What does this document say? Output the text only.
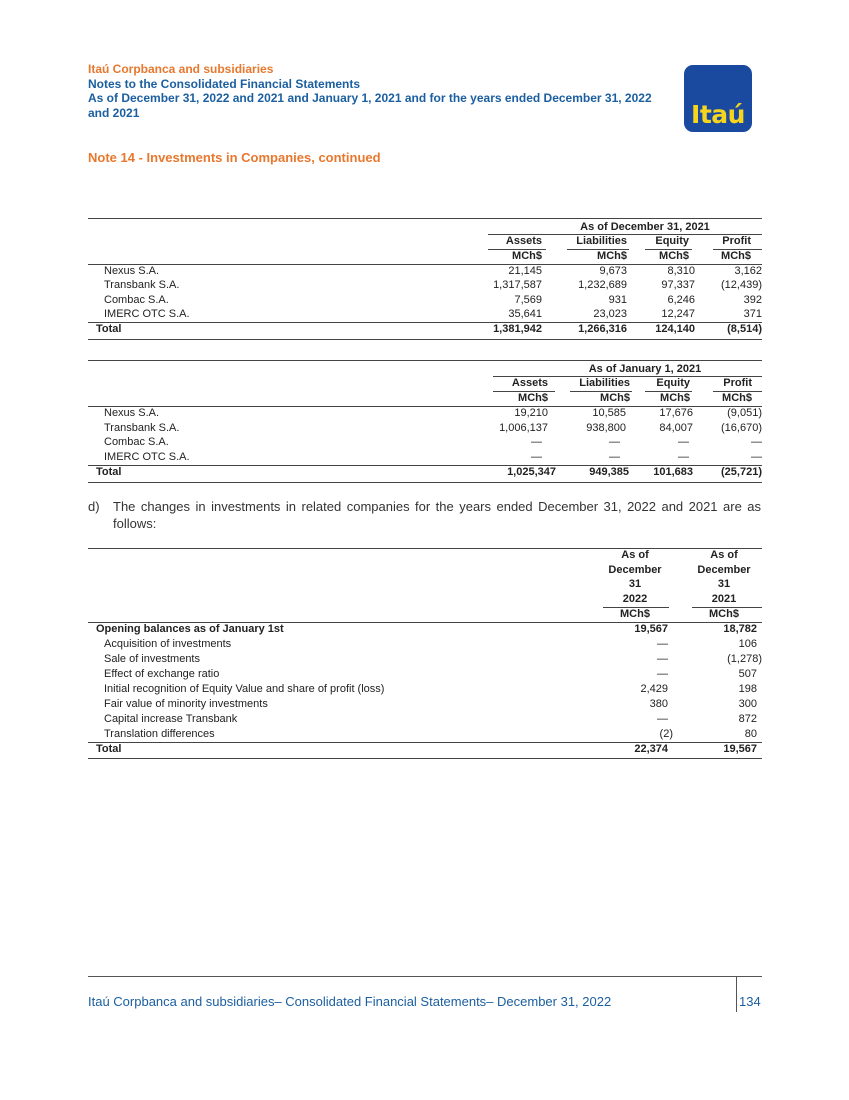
Itaú Corpbanca and subsidiaries
Notes to the Consolidated Financial Statements
As of December 31, 2022 and 2021 and January 1, 2021 and for the years ended December 31, 2022
and 2021	Itaú
Note 14 - Investments in Companies, continued
As of December 31, 2021
Assets	Liabilities	Equity	Profit
MCh$	MCh$	MCh$	MCh$
Nexus S.A.	21,145	9,673	8,310	3,162
Transbank S.A.	1,317,587	1,232,689	97,337	(12,439)
Combac S.A.	7,569	931	6,246	392
IMERC OTC S.A.	35,641	23,023	12,247	371
Total	1,381,942	1,266,316	124,140	(8,514)
As of January 1, 2021
Assets	Liabilities	Equity	Profit
MCh$	MCh$	MCh$	MCh$
Nexus S.A.	19,210	10,585	17,676	(9,051)
Transbank S.A.	1,006,137	938,800	84,007	(16,670)
Combac S.A.	—	—	—	—
IMERC OTC S.A.	—	—	—	—
Total	1,025,347	949,385	101,683	(25,721)
d) The changes in investments in related companies for the years ended December 31, 2022 and 2021 are as follows:
As of
December
31
2022
As of
December
31
2021
MCh$	MCh$
Opening balances as of January 1st	19,567	18,782
Acquisition of investments	—	106
Sale of investments	—	(1,278)
Effect of exchange ratio	—	507
Initial recognition of Equity Value and share of profit (loss)	2,429	198
Fair value of minority investments	380	300
Capital increase Transbank	—	872
Translation differences	(2)	80
Total	22,374	19,567
Itaú Corpbanca and subsidiaries– Consolidated Financial Statements– December 31, 2022	134
